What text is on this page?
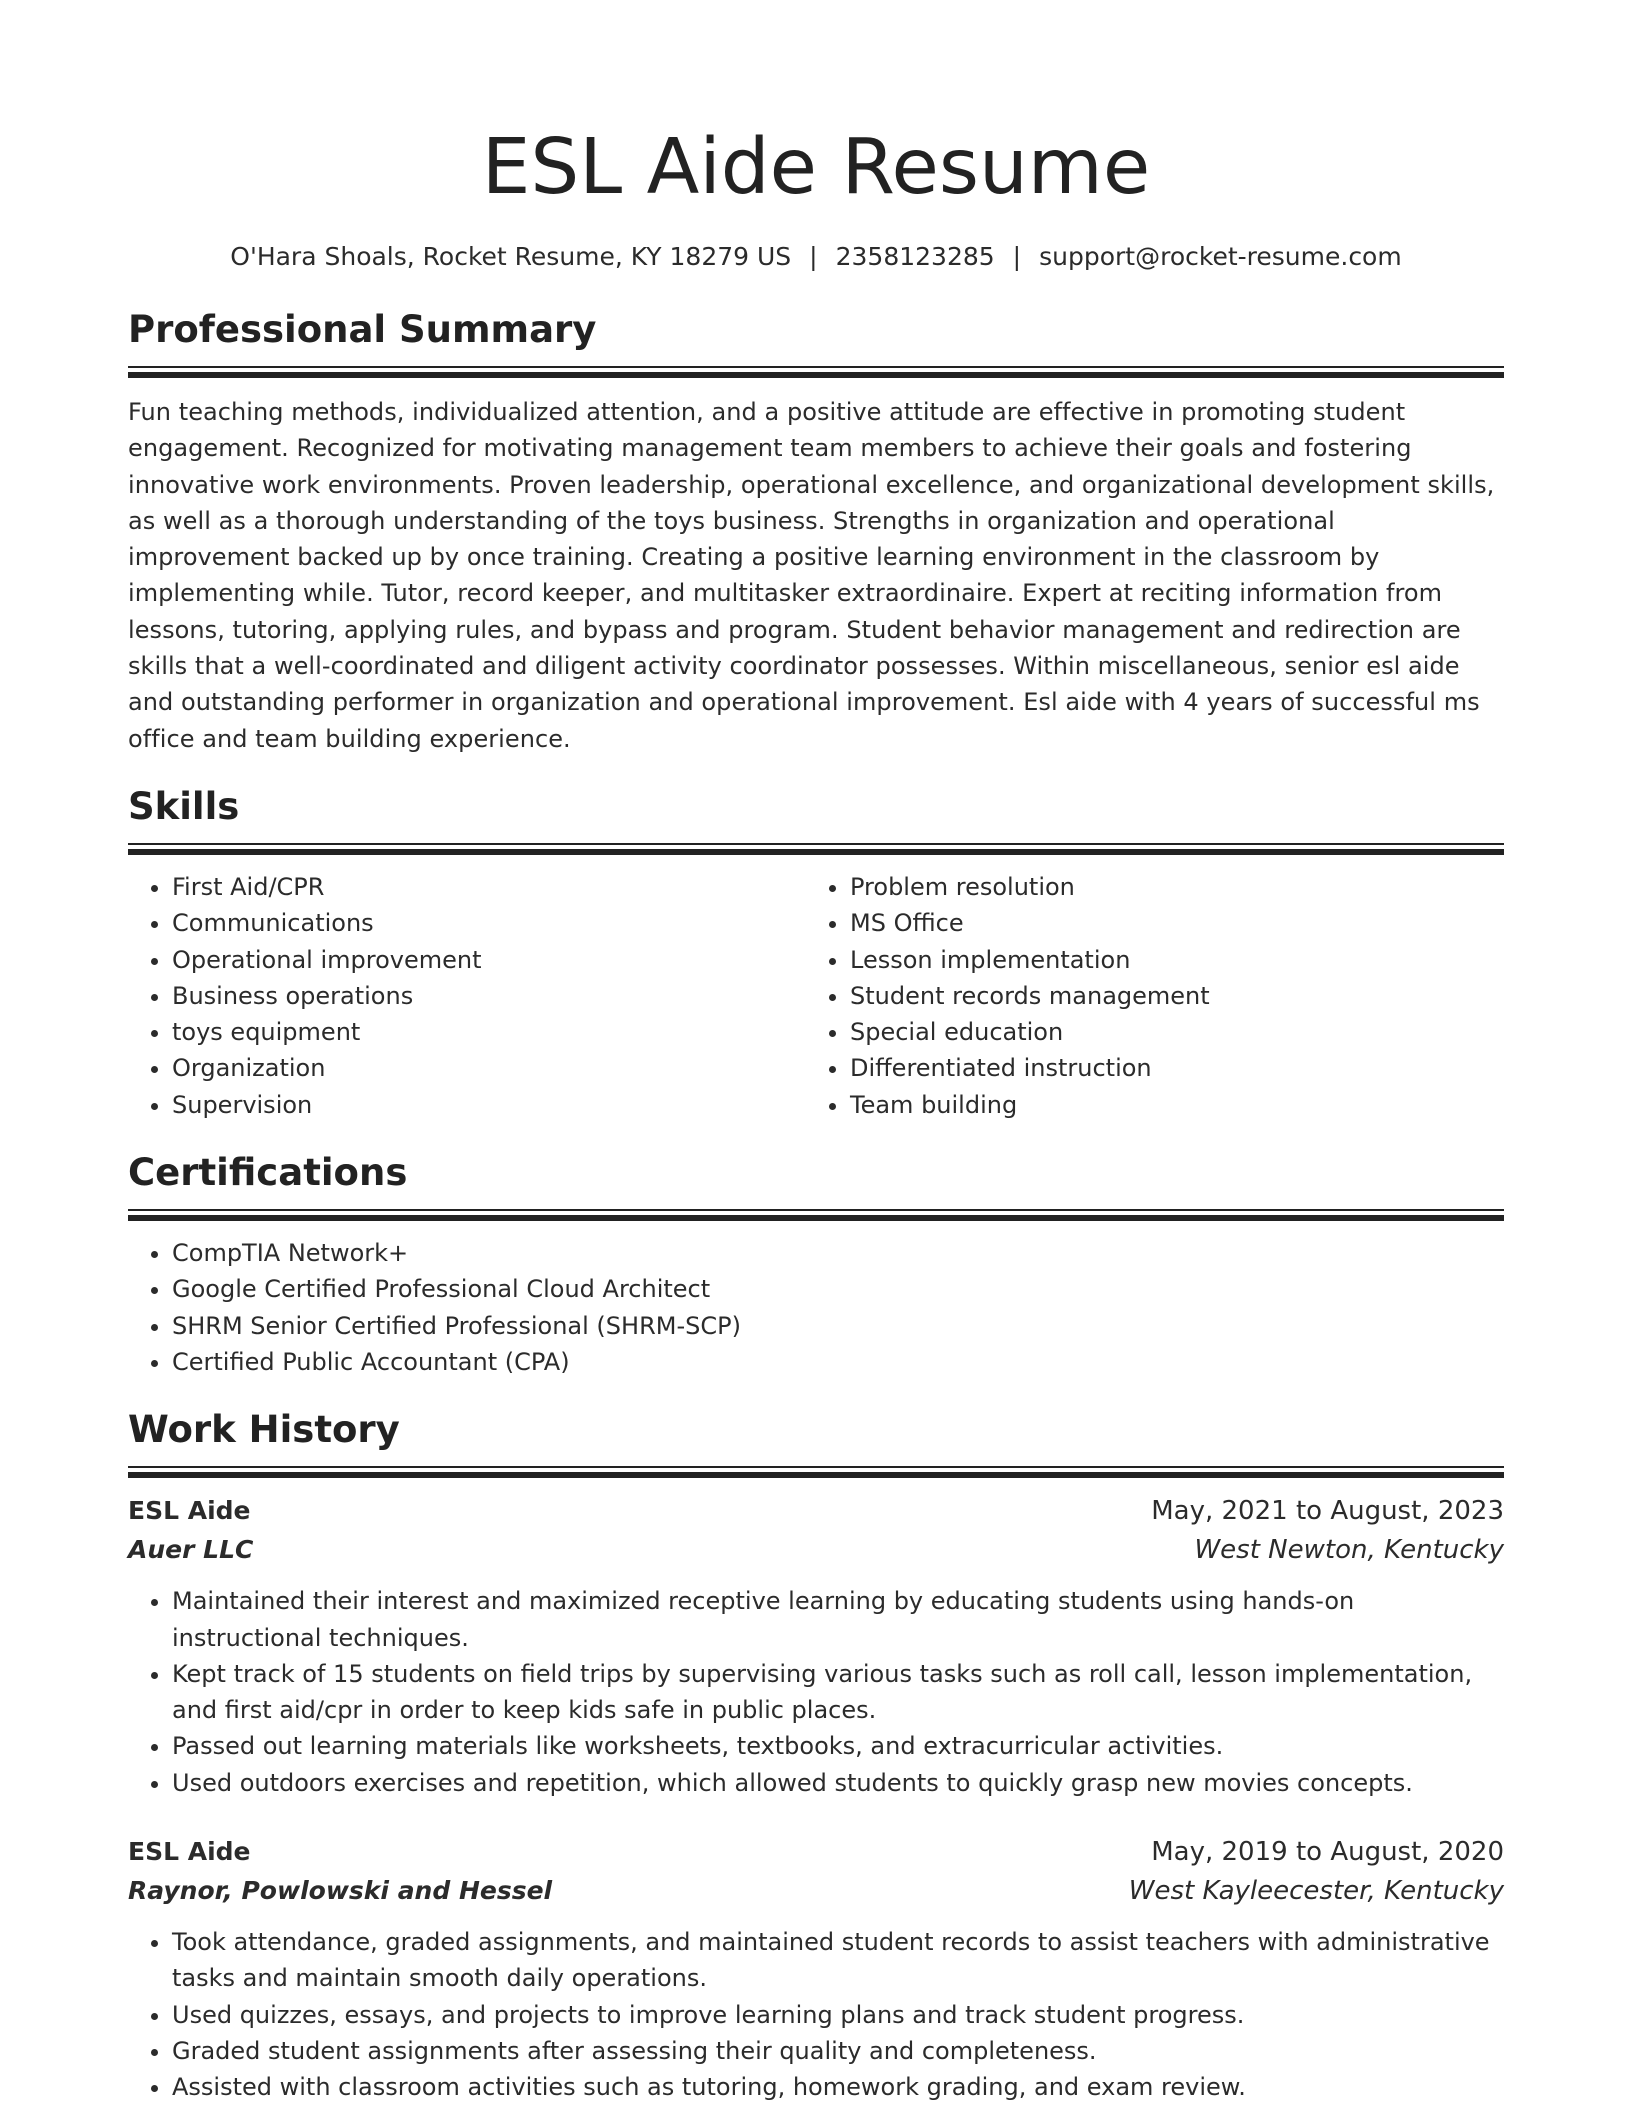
ESL Aide Resume
O'Hara Shoals, Rocket Resume, KY 18279 US | 2358123285 | support@rocket-resume.com
Professional Summary
Fun teaching methods, individualized attention, and a positive attitude are effective in promoting student engagement. Recognized for motivating management team members to achieve their goals and fostering innovative work environments. Proven leadership, operational excellence, and organizational development skills, as well as a thorough understanding of the toys business. Strengths in organization and operational improvement backed up by once training. Creating a positive learning environment in the classroom by implementing while. Tutor, record keeper, and multitasker extraordinaire. Expert at reciting information from lessons, tutoring, applying rules, and bypass and program. Student behavior management and redirection are skills that a well-coordinated and diligent activity coordinator possesses. Within miscellaneous, senior esl aide and outstanding performer in organization and operational improvement. Esl aide with 4 years of successful ms office and team building experience.
Skills
• First Aid/CPR
• Communications
• Operational improvement
• Business operations
• toys equipment
• Organization
• Supervision
• Problem resolution
• MS Office
• Lesson implementation
• Student records management
• Special education
• Differentiated instruction
• Team building
Certifications
• CompTIA Network+
• Google Certified Professional Cloud Architect
• SHRM Senior Certified Professional (SHRM-SCP)
• Certified Public Accountant (CPA)
Work History
ESL Aide	May, 2021 to August, 2023
Auer LLC	West Newton, Kentucky
• Maintained their interest and maximized receptive learning by educating students using hands-on instructional techniques.
• Kept track of 15 students on field trips by supervising various tasks such as roll call, lesson implementation, and first aid/cpr in order to keep kids safe in public places.
• Passed out learning materials like worksheets, textbooks, and extracurricular activities.
• Used outdoors exercises and repetition, which allowed students to quickly grasp new movies concepts.
ESL Aide	May, 2019 to August, 2020
Raynor, Powlowski and Hessel	West Kayleecester, Kentucky
• Took attendance, graded assignments, and maintained student records to assist teachers with administrative tasks and maintain smooth daily operations.
• Used quizzes, essays, and projects to improve learning plans and track student progress.
• Graded student assignments after assessing their quality and completeness.
• Assisted with classroom activities such as tutoring, homework grading, and exam review.
